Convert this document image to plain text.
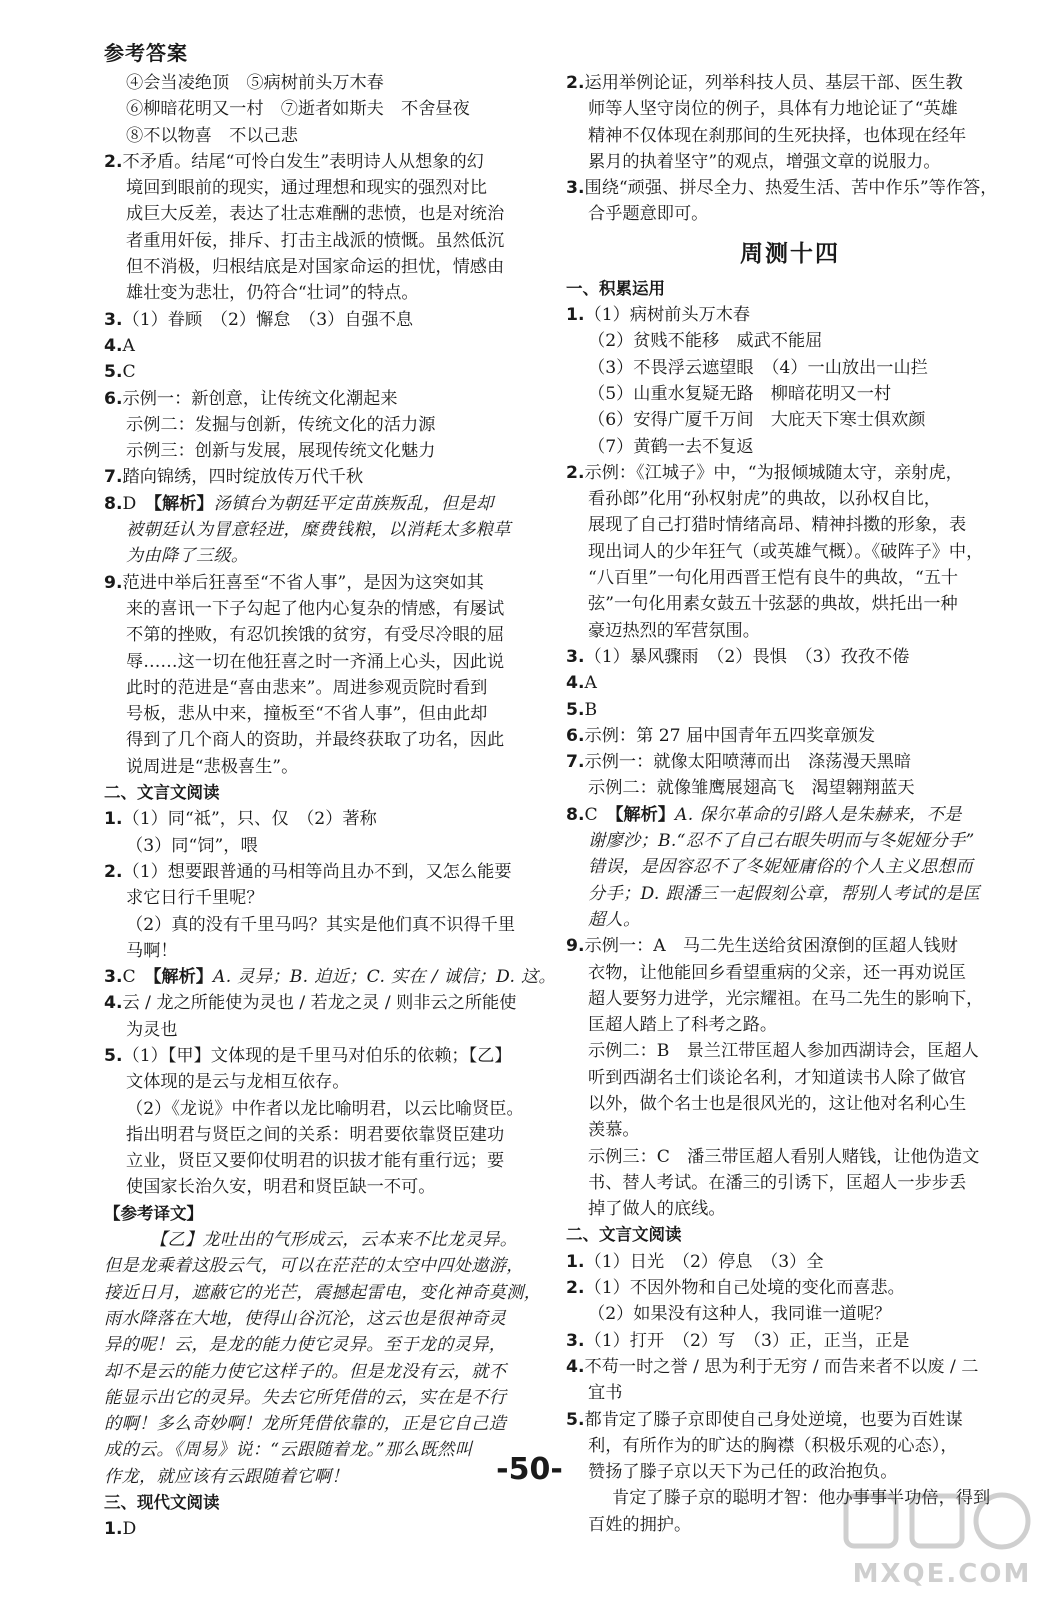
参考答案
④会当凌绝顶　⑤病树前头万木春
⑥柳暗花明又一村　⑦逝者如斯夫　不舍昼夜
⑧不以物喜　不以己悲
2.不矛盾。结尾“可怜白发生”表明诗人从想象的幻
境回到眼前的现实，通过理想和现实的强烈对比
成巨大反差，表达了壮志难酬的悲愤，也是对统治
者重用奸佞，排斥、打击主战派的愤慨。虽然低沉
但不消极，归根结底是对国家命运的担忧，情感由
雄壮变为悲壮，仍符合“壮词”的特点。
3.（1）眷顾　（2）懈怠　（3）自强不息
4.A
5.C
6.示例一：新创意，让传统文化潮起来
示例二：发掘与创新，传统文化的活力源
示例三：创新与发展，展现传统文化魅力
7.踏向锦绣，四时绽放传万代千秋
8.D　【解析】汤镇台为朝廷平定苗族叛乱，但是却
被朝廷认为冒意轻进，糜费钱粮，以消耗太多粮草
为由降了三级。
9.范进中举后狂喜至“不省人事”，是因为这突如其
来的喜讯一下子勾起了他内心复杂的情感，有屡试
不第的挫败，有忍饥挨饿的贫穷，有受尽冷眼的屈
辱……这一切在他狂喜之时一齐涌上心头，因此说
此时的范进是“喜由悲来”。周进参观贡院时看到
号板，悲从中来，撞板至“不省人事”，但由此却
得到了几个商人的资助，并最终获取了功名，因此
说周进是“悲极喜生”。
二、文言文阅读
1.（1）同“祗”，只、仅　（2）著称
（3）同“饲”，喂
2.（1）想要跟普通的马相等尚且办不到，又怎么能要
求它日行千里呢？
（2）真的没有千里马吗？其实是他们真不识得千里
马啊！
3.C　【解析】A. 灵异；B. 迫近；C. 实在 / 诚信；D. 这。
4.云 / 龙之所能使为灵也 / 若龙之灵 / 则非云之所能使
为灵也
5.（1）【甲】文体现的是千里马对伯乐的依赖；【乙】
文体现的是云与龙相互依存。
（2）《龙说》中作者以龙比喻明君，以云比喻贤臣。
指出明君与贤臣之间的关系：明君要依靠贤臣建功
立业，贤臣又要仰仗明君的识拔才能有重行远；要
使国家长治久安，明君和贤臣缺一不可。
【参考译文】
【乙】龙吐出的气形成云，云本来不比龙灵异。
但是龙乘着这股云气，可以在茫茫的太空中四处遨游，
接近日月，遮蔽它的光芒，震撼起雷电，变化神奇莫测，
雨水降落在大地，使得山谷沉沦，这云也是很神奇灵
异的呢！云，是龙的能力使它灵异。至于龙的灵异，
却不是云的能力使它这样子的。但是龙没有云，就不
能显示出它的灵异。失去它所凭借的云，实在是不行
的啊！多么奇妙啊！龙所凭借依靠的，正是它自己造
成的云。《周易》说：“云跟随着龙。”那么既然叫
作龙，就应该有云跟随着它啊！
三、现代文阅读
1.D
2.运用举例论证，列举科技人员、基层干部、医生教
师等人坚守岗位的例子，具体有力地论证了“英雄
精神不仅体现在刹那间的生死抉择，也体现在经年
累月的执着坚守”的观点，增强文章的说服力。
3.围绕“顽强、拼尽全力、热爱生活、苦中作乐”等作答，
合乎题意即可。
周测十四
一、积累运用
1.（1）病树前头万木春
（2）贫贱不能移　威武不能屈
（3）不畏浮云遮望眼　（4）一山放出一山拦
（5）山重水复疑无路　柳暗花明又一村
（6）安得广厦千万间　大庇天下寒士俱欢颜
（7）黄鹤一去不复返
2.示例：《江城子》中，“为报倾城随太守，亲射虎，
看孙郎”化用“孙权射虎”的典故，以孙权自比，
展现了自己打猎时情绪高昂、精神抖擞的形象，表
现出词人的少年狂气（或英雄气概）。《破阵子》中，
“八百里”一句化用西晋王恺有良牛的典故，“五十
弦”一句化用素女鼓五十弦瑟的典故，烘托出一种
豪迈热烈的军营氛围。
3.（1）暴风骤雨　（2）畏惧　（3）孜孜不倦
4.A
5.B
6.示例：第 27 届中国青年五四奖章颁发
7.示例一：就像太阳喷薄而出　涤荡漫天黑暗
示例二：就像雏鹰展翅高飞　渴望翱翔蓝天
8.C　【解析】A. 保尔革命的引路人是朱赫来，不是
谢廖沙；B.“忍不了自己右眼失明而与冬妮娅分手”
错误，是因容忍不了冬妮娅庸俗的个人主义思想而
分手；D. 跟潘三一起假刻公章，帮别人考试的是匡
超人。
9.示例一：A　马二先生送给贫困潦倒的匡超人钱财
衣物，让他能回乡看望重病的父亲，还一再劝说匡
超人要努力进学，光宗耀祖。在马二先生的影响下，
匡超人踏上了科考之路。
示例二：B　景兰江带匡超人参加西湖诗会，匡超人
听到西湖名士们谈论名利，才知道读书人除了做官
以外，做个名士也是很风光的，这让他对名利心生
羡慕。
示例三：C　潘三带匡超人看别人赌钱，让他伪造文
书、替人考试。在潘三的引诱下，匡超人一步步丢
掉了做人的底线。
二、文言文阅读
1.（1）日光　（2）停息　（3）全
2.（1）不因外物和自己处境的变化而喜悲。
（2）如果没有这种人，我同谁一道呢？
3.（1）打开　（2）写　（3）正，正当，正是
4.不苟一时之誉 / 思为利于无穷 / 而告来者不以废 / 二
宜书
5.都肯定了滕子京即使自己身处逆境，也要为百姓谋
利，有所作为的旷达的胸襟（积极乐观的心态），
赞扬了滕子京以天下为己任的政治抱负。
肯定了滕子京的聪明才智：他办事事半功倍，得到
百姓的拥护。
-50-
MXQE.COM
